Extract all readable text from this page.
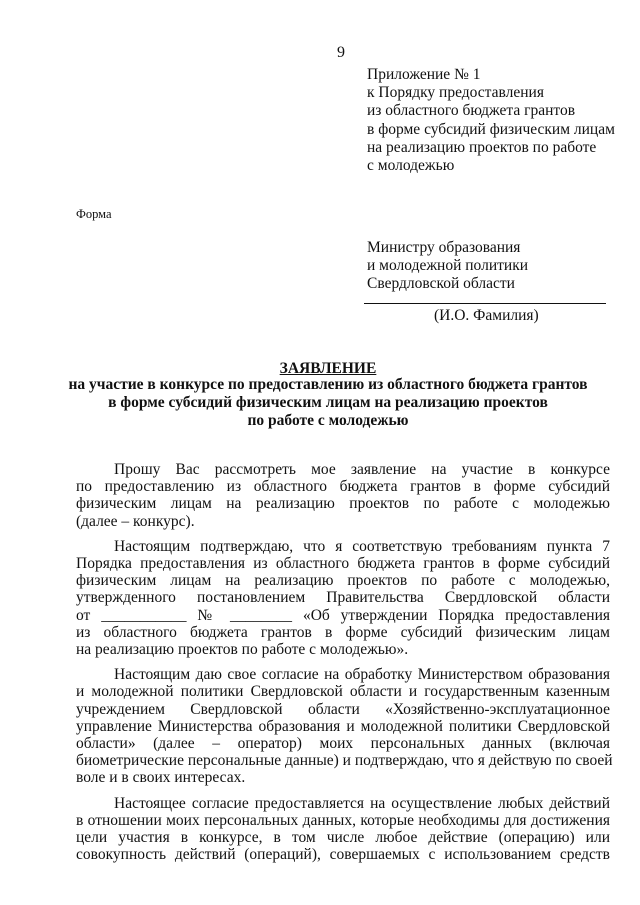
9
Приложение № 1
к Порядку предоставления
из областного бюджета грантов
в форме субсидий физическим лицам
на реализацию проектов по работе
с молодежью
Форма
Министру образования
и молодежной политики
Свердловской области
(И.О. Фамилия)
ЗАЯВЛЕНИЕ
на участие в конкурсе по предоставлению из областного бюджета грантов
в форме субсидий физическим лицам на реализацию проектов
по работе с молодежью

Прошу Вас рассмотреть мое заявление на участие в конкурсе
по предоставлению из областного бюджета грантов в форме субсидий
физическим лицам на реализацию проектов по работе с молодежью
(далее – конкурс).

Настоящим подтверждаю, что я соответствую требованиям пункта 7
Порядка предоставления из областного бюджета грантов в форме субсидий
физическим лицам на реализацию проектов по работе с молодежью,
утвержденного постановлением Правительства Свердловской области
от ___________ № ________ «Об утверждении Порядка предоставления
из областного бюджета грантов в форме субсидий физическим лицам
на реализацию проектов по работе с молодежью».

Настоящим даю свое согласие на обработку Министерством образования
и молодежной политики Свердловской области и государственным казенным
учреждением Свердловской области «Хозяйственно-эксплуатационное
управление Министерства образования и молодежной политики Свердловской
области» (далее – оператор) моих персональных данных (включая
биометрические персональные данные) и подтверждаю, что я действую по своей
воле и в своих интересах.

Настоящее согласие предоставляется на осуществление любых действий
в отношении моих персональных данных, которые необходимы для достижения
цели участия в конкурсе, в том числе любое действие (операцию) или
совокупность действий (операций), совершаемых с использованием средств
